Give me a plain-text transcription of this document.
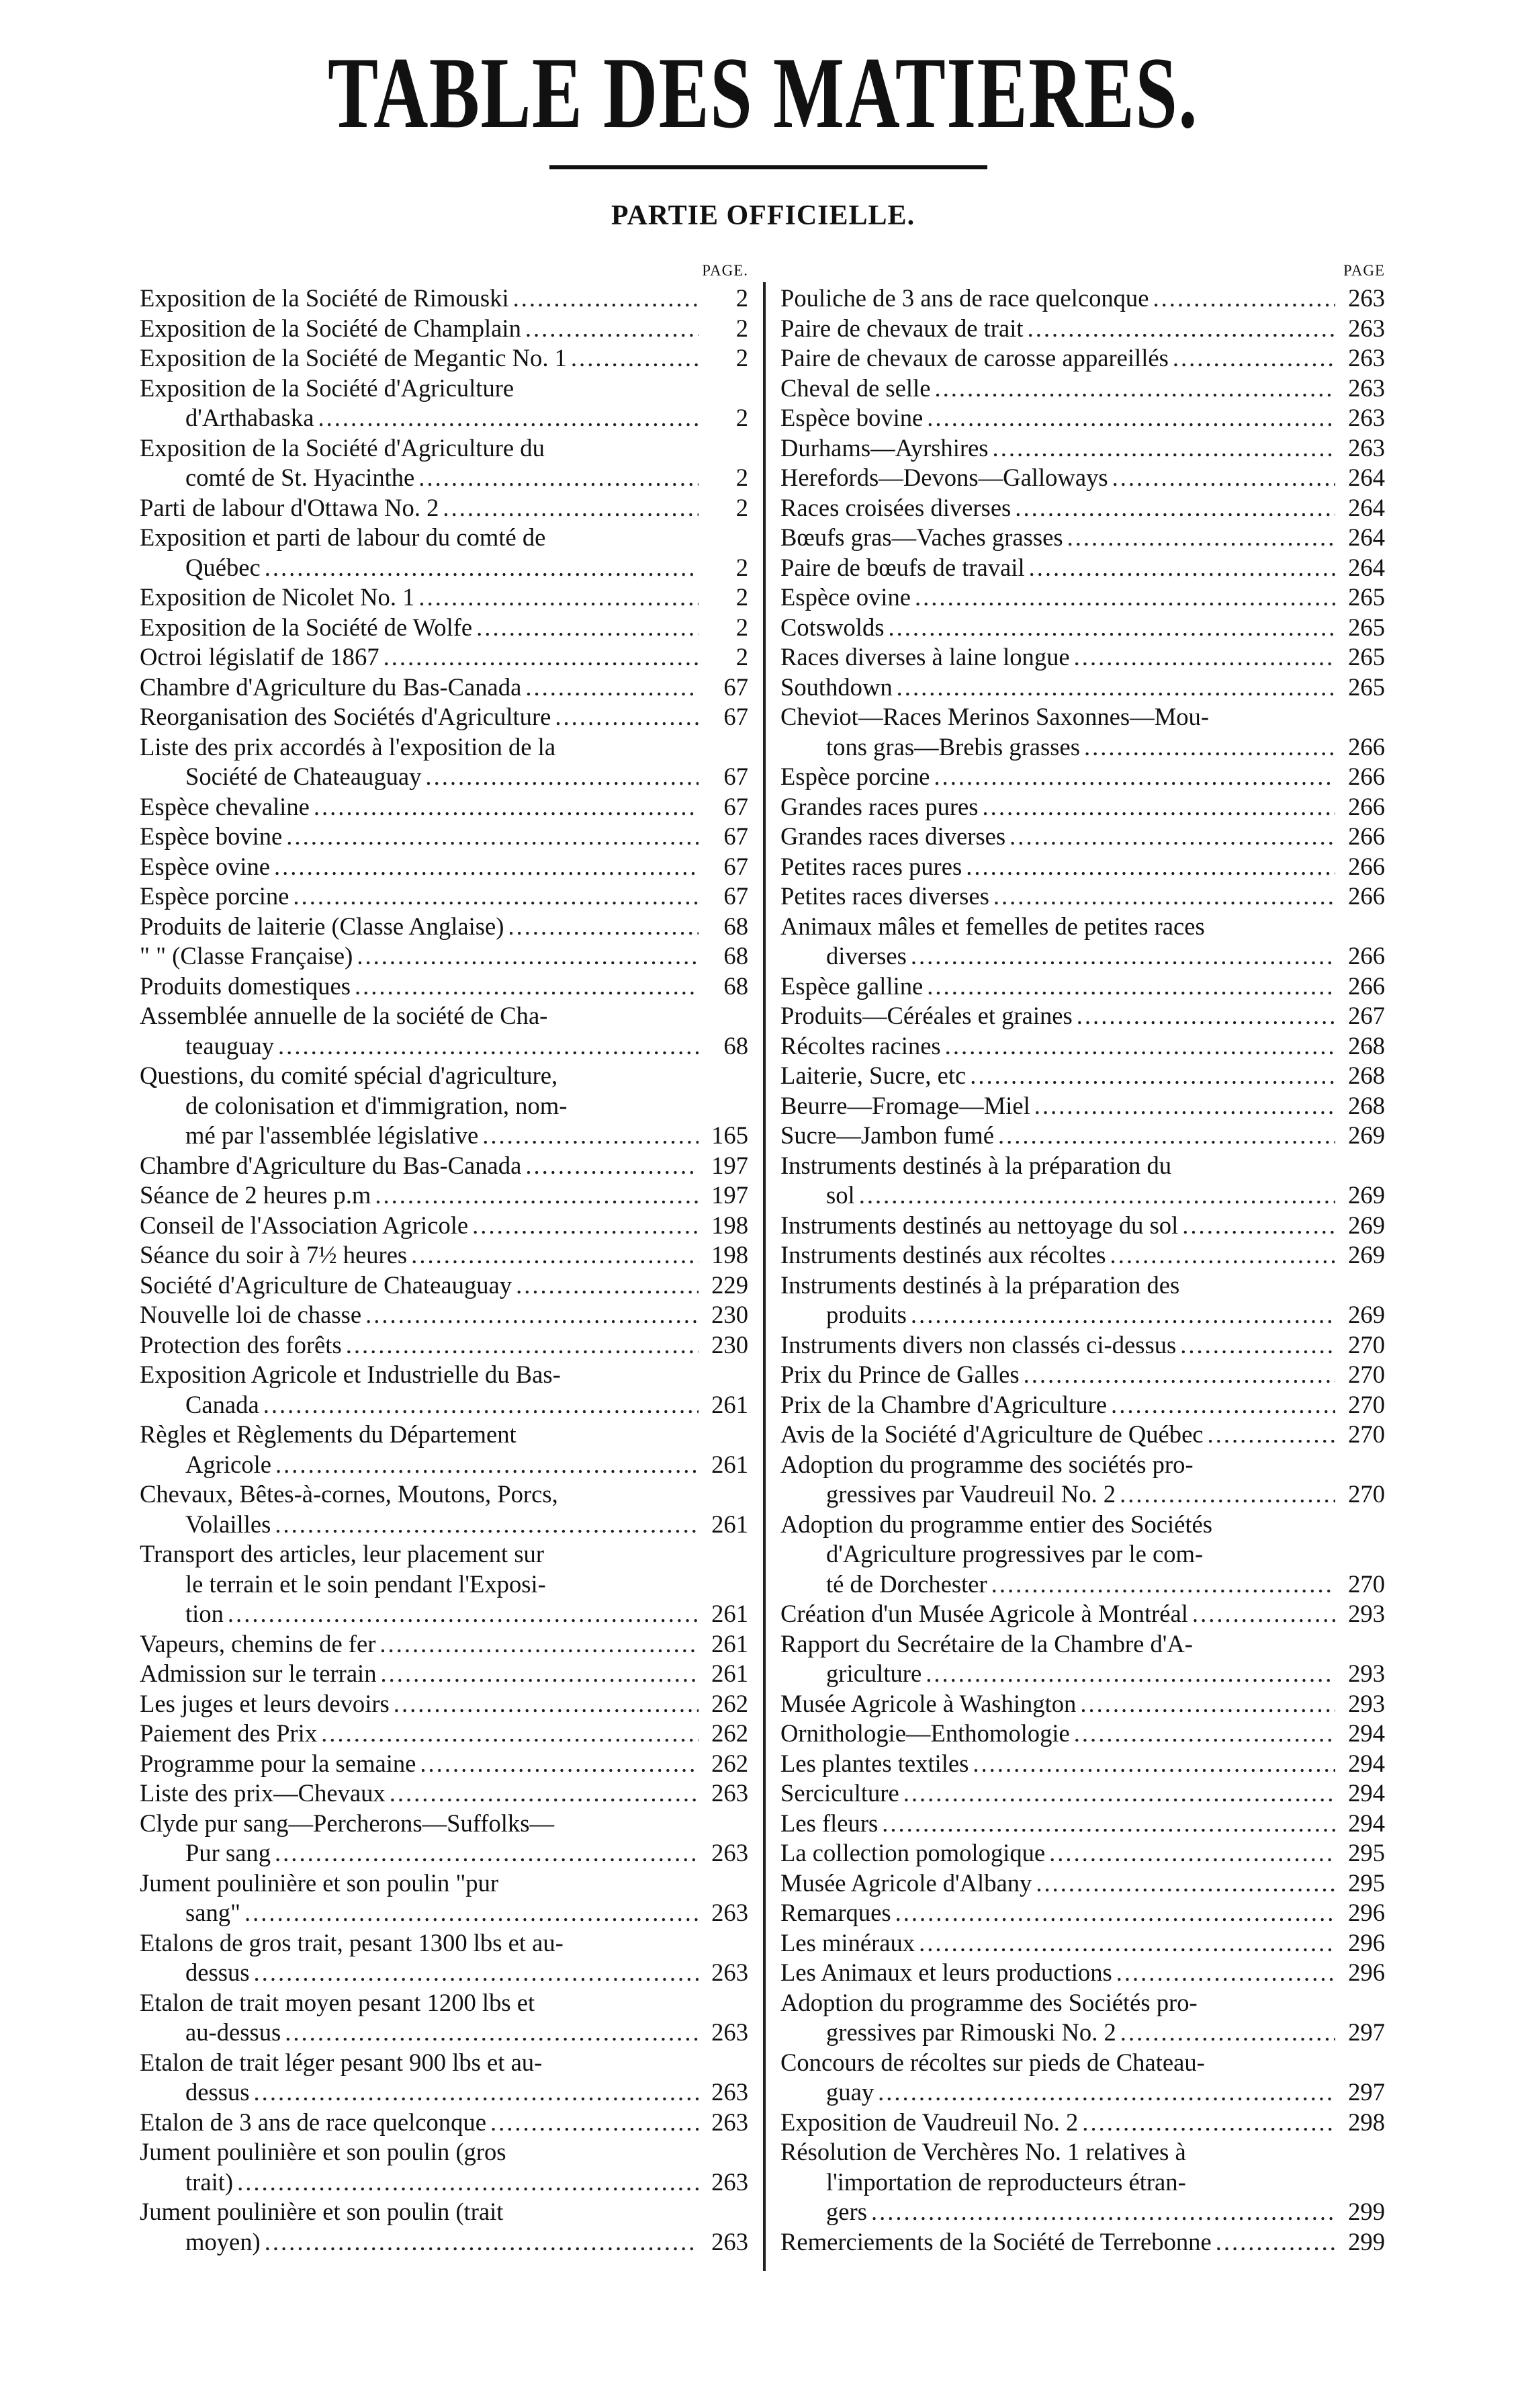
TABLE DES MATIERES.
PARTIE OFFICIELLE.
PAGE.
Exposition de la Société de Rimouski .....	2
Exposition de la Société de Champlain .....	2
Exposition de la Société de Megantic No. 1 .....	2
Exposition de la Société d'Agriculture
d'Arthabaska .....	2
Exposition de la Société d'Agriculture du
comté de St. Hyacinthe .....	2
Parti de labour d'Ottawa No. 2 .....	2
Exposition et parti de labour du comté de
Québec .....	2
Exposition de Nicolet No. 1 .....	2
Exposition de la Société de Wolfe .....	2
Octroi législatif de 1867 .....	2
Chambre d'Agriculture du Bas-Canada .....	67
Reorganisation des Sociétés d'Agriculture .....	67
Liste des prix accordés à l'exposition de la
Société de Chateauguay .....	67
Espèce chevaline .....	67
Espèce bovine .....	67
Espèce ovine .....	67
Espèce porcine .....	67
Produits de laiterie (Classe Anglaise) .....	68
" " (Classe Française) .....	68
Produits domestiques .....	68
Assemblée annuelle de la société de Cha-
teauguay .....	68
Questions, du comité spécial d'agriculture,
de colonisation et d'immigration, nom-
mé par l'assemblée législative .....	165
Chambre d'Agriculture du Bas-Canada .....	197
Séance de 2 heures p.m .....	197
Conseil de l'Association Agricole .....	198
Séance du soir à 7½ heures .....	198
Société d'Agriculture de Chateauguay .....	229
Nouvelle loi de chasse .....	230
Protection des forêts .....	230
Exposition Agricole et Industrielle du Bas-
Canada .....	261
Règles et Règlements du Département
Agricole .....	261
Chevaux, Bêtes-à-cornes, Moutons, Porcs,
Volailles .....	261
Transport des articles, leur placement sur
le terrain et le soin pendant l'Exposi-
tion .....	261
Vapeurs, chemins de fer .....	261
Admission sur le terrain .....	261
Les juges et leurs devoirs .....	262
Paiement des Prix .....	262
Programme pour la semaine .....	262
Liste des prix—Chevaux .....	263
Clyde pur sang—Percherons—Suffolks—
Pur sang .....	263
Jument poulinière et son poulin "pur
sang" .....	263
Etalons de gros trait, pesant 1300 lbs et au-
dessus .....	263
Etalon de trait moyen pesant 1200 lbs et
au-dessus .....	263
Etalon de trait léger pesant 900 lbs et au-
dessus .....	263
Etalon de 3 ans de race quelconque .....	263
Jument poulinière et son poulin (gros
trait) .....	263
Jument poulinière et son poulin (trait
moyen) .....	263
PAGE
Pouliche de 3 ans de race quelconque .....	263
Paire de chevaux de trait .....	263
Paire de chevaux de carosse appareillés .....	263
Cheval de selle .....	263
Espèce bovine .....	263
Durhams—Ayrshires .....	263
Herefords—Devons—Galloways .....	264
Races croisées diverses .....	264
Bœufs gras—Vaches grasses .....	264
Paire de bœufs de travail .....	264
Espèce ovine .....	265
Cotswolds .....	265
Races diverses à laine longue .....	265
Southdown .....	265
Cheviot—Races Merinos Saxonnes—Mou-
tons gras—Brebis grasses .....	266
Espèce porcine .....	266
Grandes races pures .....	266
Grandes races diverses .....	266
Petites races pures .....	266
Petites races diverses .....	266
Animaux mâles et femelles de petites races
diverses .....	266
Espèce galline .....	266
Produits—Céréales et graines .....	267
Récoltes racines .....	268
Laiterie, Sucre, etc .....	268
Beurre—Fromage—Miel .....	268
Sucre—Jambon fumé .....	269
Instruments destinés à la préparation du
sol .....	269
Instruments destinés au nettoyage du sol .....	269
Instruments destinés aux récoltes .....	269
Instruments destinés à la préparation des
produits .....	269
Instruments divers non classés ci-dessus .....	270
Prix du Prince de Galles .....	270
Prix de la Chambre d'Agriculture .....	270
Avis de la Société d'Agriculture de Québec .....	270
Adoption du programme des sociétés pro-
gressives par Vaudreuil No. 2 .....	270
Adoption du programme entier des Sociétés
d'Agriculture progressives par le com-
té de Dorchester .....	270
Création d'un Musée Agricole à Montréal .....	293
Rapport du Secrétaire de la Chambre d'A-
griculture .....	293
Musée Agricole à Washington .....	293
Ornithologie—Enthomologie .....	294
Les plantes textiles .....	294
Serciculture .....	294
Les fleurs .....	294
La collection pomologique .....	295
Musée Agricole d'Albany .....	295
Remarques .....	296
Les minéraux .....	296
Les Animaux et leurs productions .....	296
Adoption du programme des Sociétés pro-
gressives par Rimouski No. 2 .....	297
Concours de récoltes sur pieds de Chateau-
guay .....	297
Exposition de Vaudreuil No. 2 .....	298
Résolution de Verchères No. 1 relatives à
l'importation de reproducteurs étran-
gers .....	299
Remerciements de la Société de Terrebonne .....	299
